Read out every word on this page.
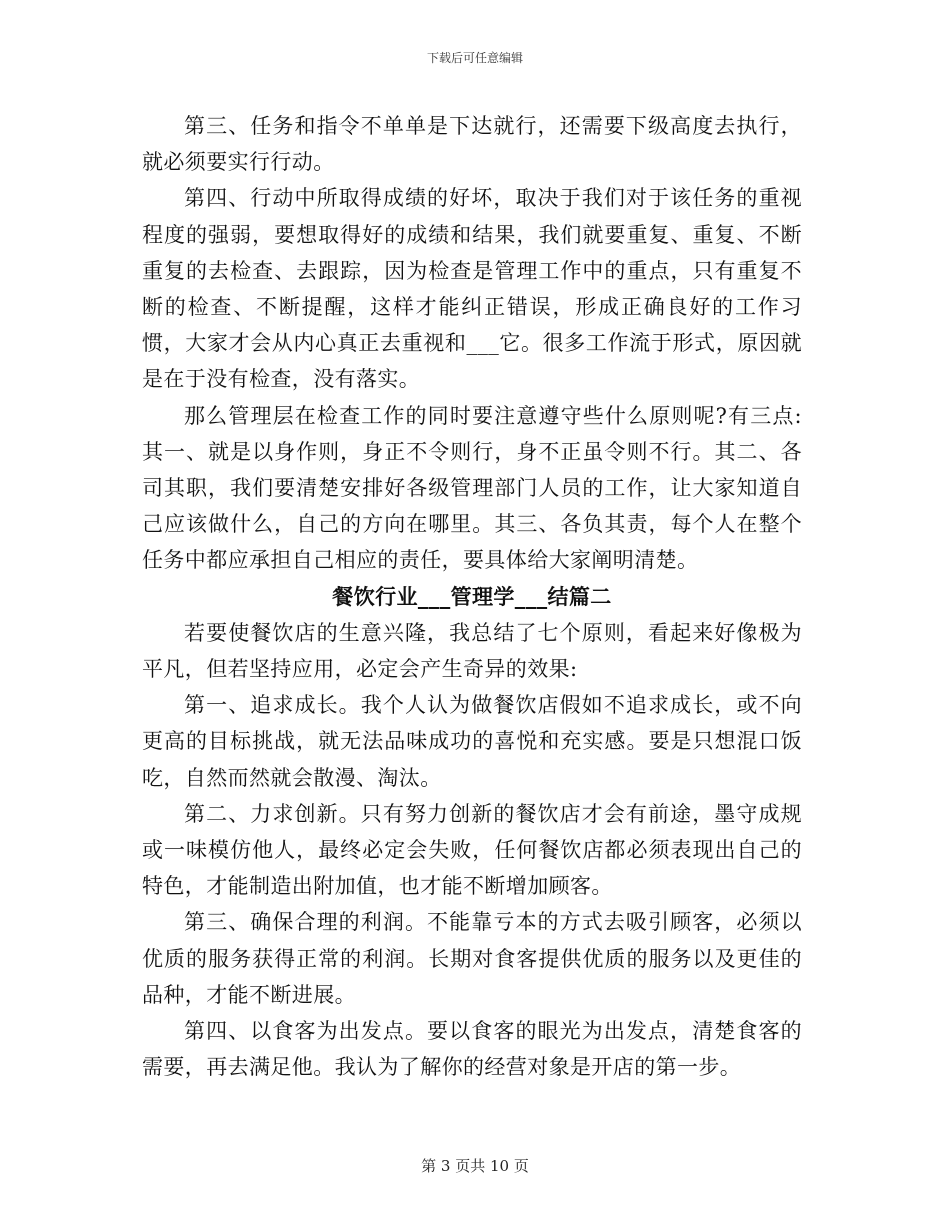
下载后可任意编辑

第三、任务和指令不单单是下达就行，还需要下级高度去执行，就必须要实行行动。

第四、行动中所取得成绩的好坏，取决于我们对于该任务的重视程度的强弱，要想取得好的成绩和结果，我们就要重复、重复、不断重复的去检查、去跟踪，因为检查是管理工作中的重点，只有重复不断的检查、不断提醒，这样才能纠正错误，形成正确良好的工作习惯，大家才会从内心真正去重视和___它。很多工作流于形式，原因就是在于没有检查，没有落实。

那么管理层在检查工作的同时要注意遵守些什么原则呢?有三点:其一、就是以身作则，身正不令则行，身不正虽令则不行。其二、各司其职，我们要清楚安排好各级管理部门人员的工作，让大家知道自己应该做什么，自己的方向在哪里。其三、各负其责，每个人在整个任务中都应承担自己相应的责任，要具体给大家阐明清楚。

餐饮行业___管理学___结篇二

若要使餐饮店的生意兴隆，我总结了七个原则，看起来好像极为平凡，但若坚持应用，必定会产生奇异的效果:

第一、追求成长。我个人认为做餐饮店假如不追求成长，或不向更高的目标挑战，就无法品味成功的喜悦和充实感。要是只想混口饭吃，自然而然就会散漫、淘汰。

第二、力求创新。只有努力创新的餐饮店才会有前途，墨守成规或一味模仿他人，最终必定会失败，任何餐饮店都必须表现出自己的特色，才能制造出附加值，也才能不断增加顾客。

第三、确保合理的利润。不能靠亏本的方式去吸引顾客，必须以优质的服务获得正常的利润。长期对食客提供优质的服务以及更佳的品种，才能不断进展。

第四、以食客为出发点。要以食客的眼光为出发点，清楚食客的需要，再去满足他。我认为了解你的经营对象是开店的第一步。

第 3 页共 10 页
